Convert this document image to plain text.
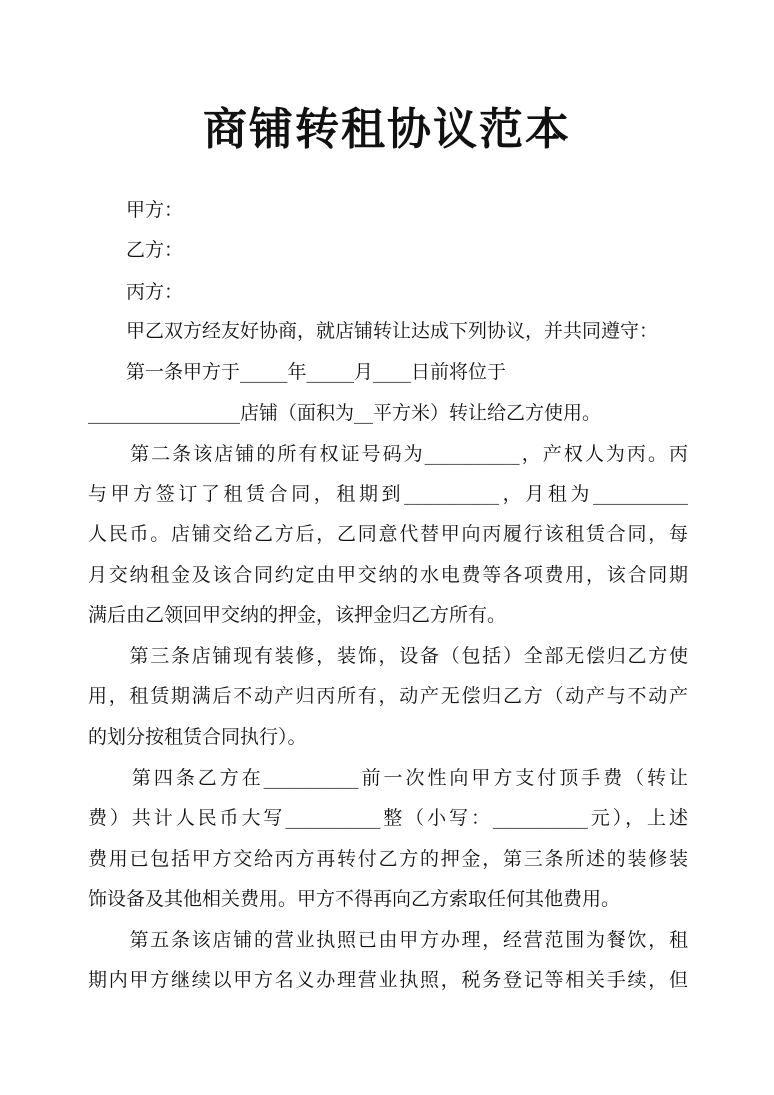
商铺转租协议范本
　　甲方：
　　乙方：
　　丙方：
　　甲乙双方经友好协商，就店铺转让达成下列协议，并共同遵守：
　　第一条甲方于_____年_____月____日前将位于
________________店铺（面积为__平方米）转让给乙方使用。
　　第二条该店铺的所有权证号码为__________，产权人为丙。丙
与甲方签订了租赁合同，租期到__________，月租为__________
人民币。店铺交给乙方后，乙同意代替甲向丙履行该租赁合同，每
月交纳租金及该合同约定由甲交纳的水电费等各项费用，该合同期
满后由乙领回甲交纳的押金，该押金归乙方所有。
　　第三条店铺现有装修，装饰，设备（包括）全部无偿归乙方使
用，租赁期满后不动产归丙所有，动产无偿归乙方（动产与不动产
的划分按租赁合同执行）。
　　第四条乙方在__________前一次性向甲方支付顶手费（转让
费）共计人民币大写__________整（小写：__________元），上述
费用已包括甲方交给丙方再转付乙方的押金，第三条所述的装修装
饰设备及其他相关费用。甲方不得再向乙方索取任何其他费用。
　　第五条该店铺的营业执照已由甲方办理，经营范围为餐饮，租
期内甲方继续以甲方名义办理营业执照，税务登记等相关手续，但
